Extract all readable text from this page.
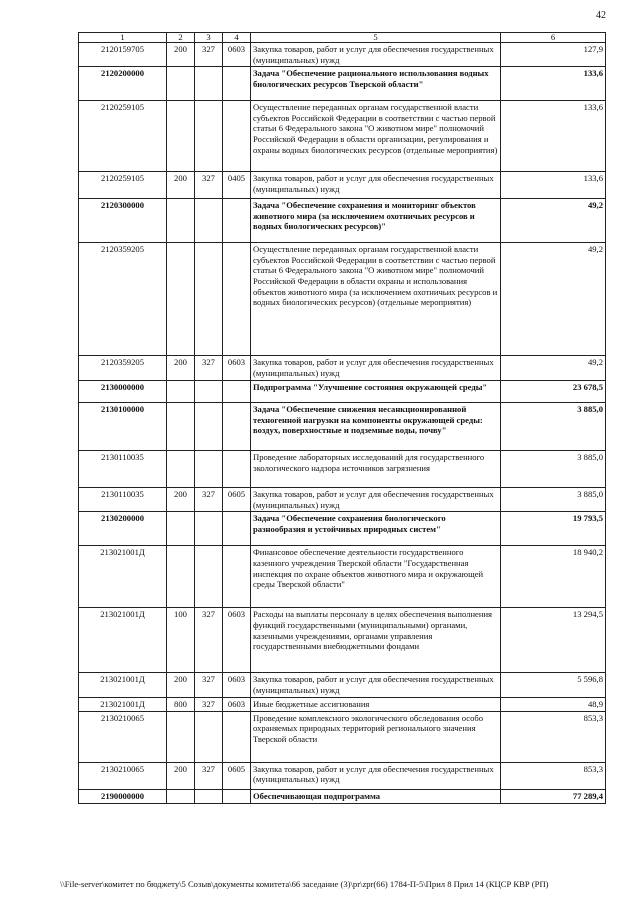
42
1	2	3	4	5	6
2120159705	200	327	0603	Закупка товаров, работ и услуг для обеспечения государственных (муниципальных) нужд	127,9
2120200000				Задача "Обеспечение рационального использования водных биологических ресурсов Тверской области"	133,6
2120259105				Осуществление переданных органам государственной власти субъектов Российской Федерации в соответствии с частью первой статьи 6 Федерального закона "О животном мире" полномочий Российской Федерации в области организации, регулирования и охраны водных биологических ресурсов (отдельные мероприятия)	133,6
2120259105	200	327	0405	Закупка товаров, работ и услуг для обеспечения государственных (муниципальных) нужд	133,6
2120300000				Задача "Обеспечение сохранения и мониторинг объектов животного мира (за исключением охотничьих ресурсов и водных биологических ресурсов)"	49,2
2120359205				Осуществление переданных органам государственной власти субъектов Российской Федерации в соответствии с частью первой статьи 6 Федерального закона "О животном мире" полномочий Российской Федерации в области охраны и использования объектов животного мира (за исключением охотничьих ресурсов и водных биологических ресурсов) (отдельные мероприятия)	49,2
2120359205	200	327	0603	Закупка товаров, работ и услуг для обеспечения государственных (муниципальных) нужд	49,2
2130000000				Подпрограмма "Улучшение состояния окружающей среды"	23 678,5
2130100000				Задача "Обеспечение снижения несанкционированной техногенной нагрузки на компоненты окружающей среды: воздух, поверхностные и подземные воды, почву"	3 885,0
2130110035				Проведение лабораторных исследований для государственного экологического надзора источников загрязнения	3 885,0
2130110035	200	327	0605	Закупка товаров, работ и услуг для обеспечения государственных (муниципальных) нужд	3 885,0
2130200000				Задача "Обеспечение сохранения биологического разнообразия и устойчивых природных систем"	19 793,5
213021001Д				Финансовое обеспечение деятельности государственного казенного учреждения Тверской области "Государственная инспекция по охране объектов животного мира и окружающей среды Тверской области"	18 940,2
213021001Д	100	327	0603	Расходы на выплаты персоналу в целях обеспечения выполнения функций государственными (муниципальными) органами, казенными учреждениями, органами управления государственными внебюджетными фондами	13 294,5
213021001Д	200	327	0603	Закупка товаров, работ и услуг для обеспечения государственных (муниципальных) нужд	5 596,8
213021001Д	800	327	0603	Иные бюджетные ассигнования	48,9
2130210065				Проведение комплексного экологического обследования особо охраняемых природных территорий регионального значения Тверской области	853,3
2130210065	200	327	0605	Закупка товаров, работ и услуг для обеспечения государственных (муниципальных) нужд	853,3
2190000000				Обеспечивающая подпрограмма	77 289,4
\\File-server\комитет по бюджету\5 Созыв\документы комитета\66 заседание (3)\pr\zpr(66) 1784-П-5\Прил 8 Прил 14 (КЦСР КВР (РП)
